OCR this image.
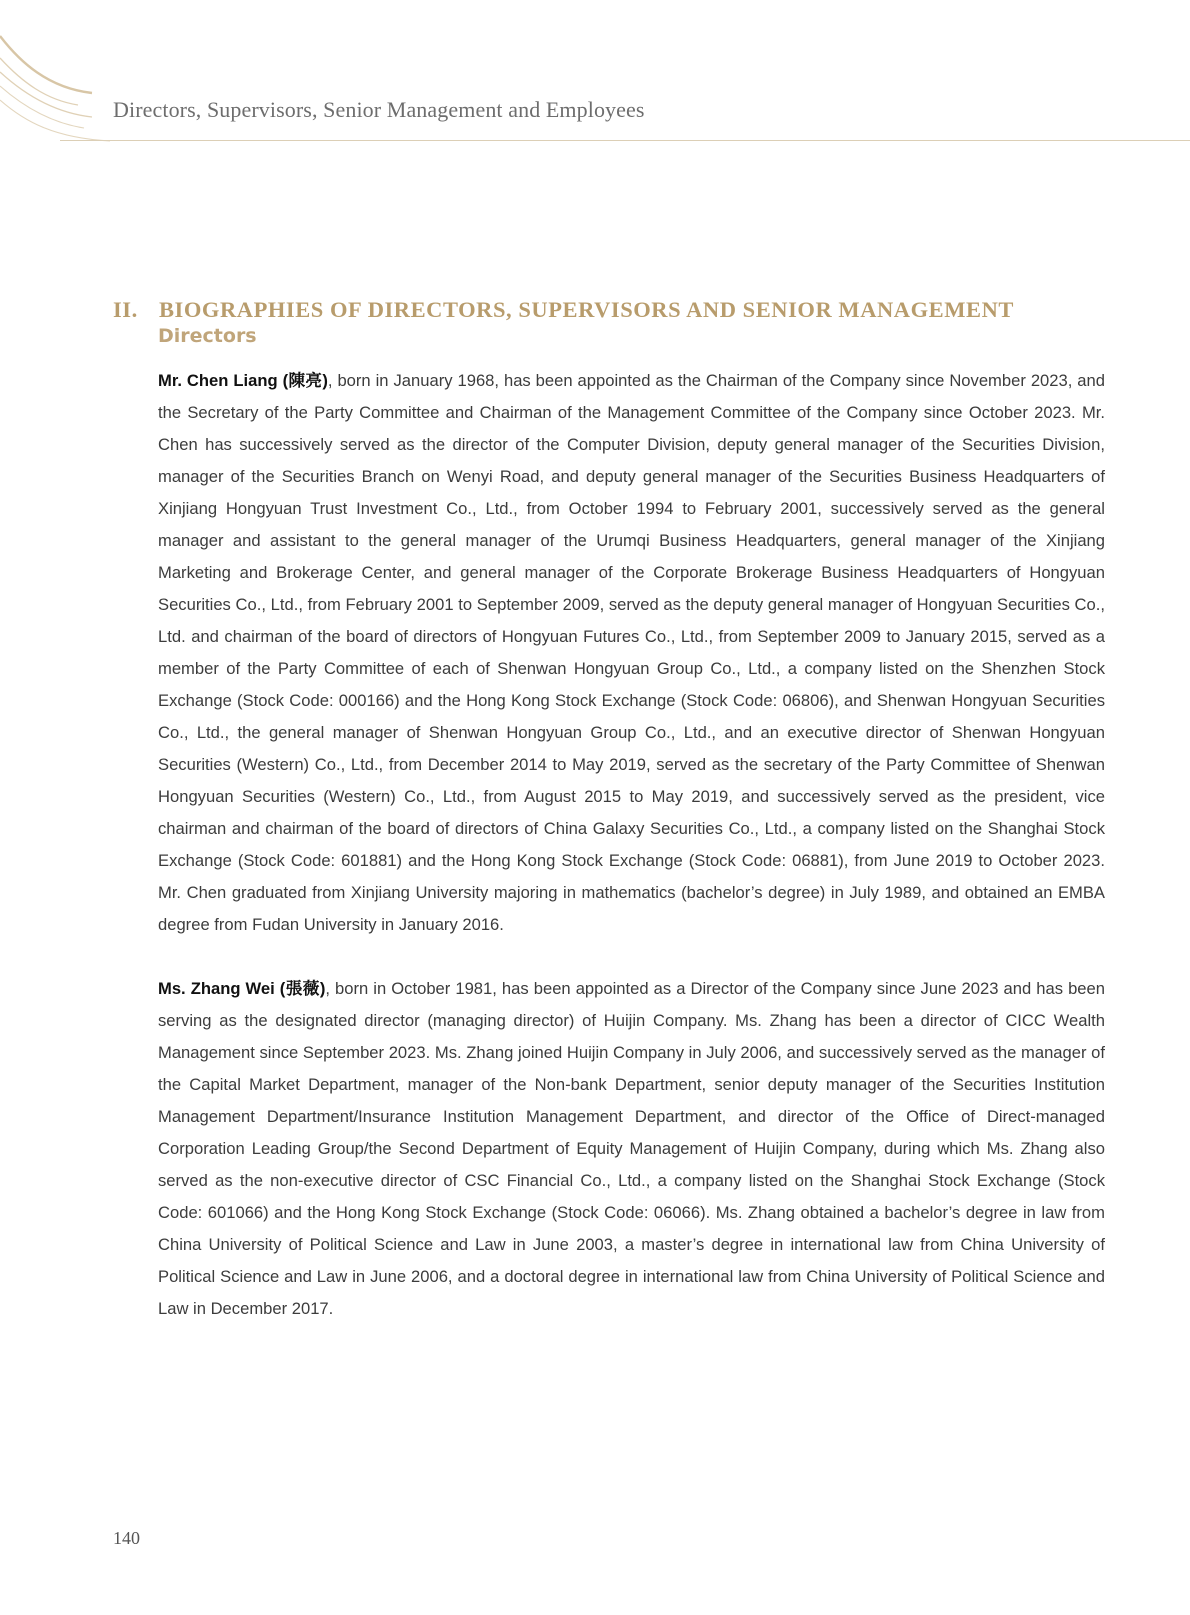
Directors, Supervisors, Senior Management and Employees
II. BIOGRAPHIES OF DIRECTORS, SUPERVISORS AND SENIOR MANAGEMENT
Directors

Mr. Chen Liang (陳亮), born in January 1968, has been appointed as the Chairman of the Company since November 2023, and the Secretary of the Party Committee and Chairman of the Management Committee of the Company since October 2023. Mr. Chen has successively served as the director of the Computer Division, deputy general manager of the Securities Division, manager of the Securities Branch on Wenyi Road, and deputy general manager of the Securities Business Headquarters of Xinjiang Hongyuan Trust Investment Co., Ltd., from October 1994 to February 2001, successively served as the general manager and assistant to the general manager of the Urumqi Business Headquarters, general manager of the Xinjiang Marketing and Brokerage Center, and general manager of the Corporate Brokerage Business Headquarters of Hongyuan Securities Co., Ltd., from February 2001 to September 2009, served as the deputy general manager of Hongyuan Securities Co., Ltd. and chairman of the board of directors of Hongyuan Futures Co., Ltd., from September 2009 to January 2015, served as a member of the Party Committee of each of Shenwan Hongyuan Group Co., Ltd., a company listed on the Shenzhen Stock Exchange (Stock Code: 000166) and the Hong Kong Stock Exchange (Stock Code: 06806), and Shenwan Hongyuan Securities Co., Ltd., the general manager of Shenwan Hongyuan Group Co., Ltd., and an executive director of Shenwan Hongyuan Securities (Western) Co., Ltd., from December 2014 to May 2019, served as the secretary of the Party Committee of Shenwan Hongyuan Securities (Western) Co., Ltd., from August 2015 to May 2019, and successively served as the president, vice chairman and chairman of the board of directors of China Galaxy Securities Co., Ltd., a company listed on the Shanghai Stock Exchange (Stock Code: 601881) and the Hong Kong Stock Exchange (Stock Code: 06881), from June 2019 to October 2023. Mr. Chen graduated from Xinjiang University majoring in mathematics (bachelor’s degree) in July 1989, and obtained an EMBA degree from Fudan University in January 2016.

Ms. Zhang Wei (張薇), born in October 1981, has been appointed as a Director of the Company since June 2023 and has been serving as the designated director (managing director) of Huijin Company. Ms. Zhang has been a director of CICC Wealth Management since September 2023. Ms. Zhang joined Huijin Company in July 2006, and successively served as the manager of the Capital Market Department, manager of the Non-bank Department, senior deputy manager of the Securities Institution Management Department/Insurance Institution Management Department, and director of the Office of Direct-managed Corporation Leading Group/the Second Department of Equity Management of Huijin Company, during which Ms. Zhang also served as the non-executive director of CSC Financial Co., Ltd., a company listed on the Shanghai Stock Exchange (Stock Code: 601066) and the Hong Kong Stock Exchange (Stock Code: 06066). Ms. Zhang obtained a bachelor’s degree in law from China University of Political Science and Law in June 2003, a master’s degree in international law from China University of Political Science and Law in June 2006, and a doctoral degree in international law from China University of Political Science and Law in December 2017.

140
